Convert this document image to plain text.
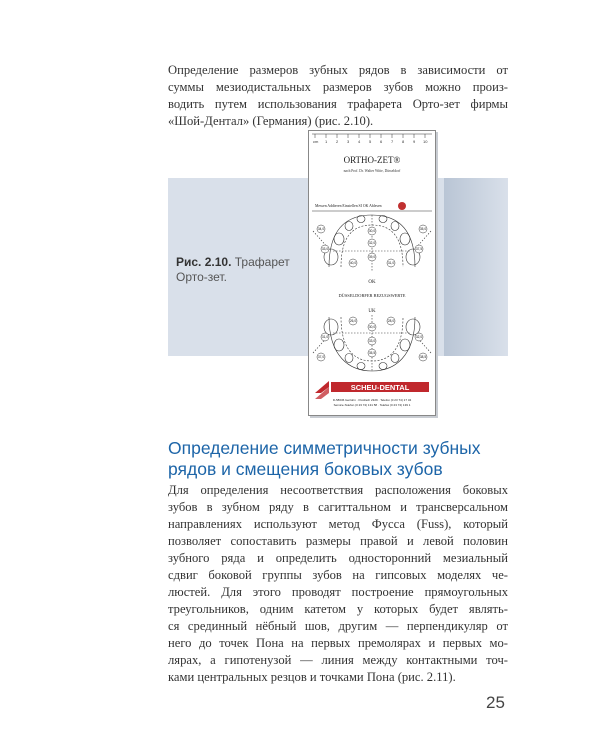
Определение размеров зубных рядов в зависимости от
суммы мезиодистальных размеров зубов можно произ-
водить путем использования трафарета Орто-зет фирмы
«Шой-Дентал» (Германия) (рис. 2.10).
Рис. 2.10. Трафарет
Орто-зет.
cm 1 2 3 4 5 6 7 8 9 10
ORTHO-ZET®
nach Prof. Dr. Walter Witte, Düsseldorf
Messen Addieren Einstellen SI OK Ablesen
34,0	35,0
30,0
32,0
33,0	37,5
39,0
40,0	31,0
OK
DÜSSELDORFER BEZUGSWERTE
UK
26,0	28,0
30,0
31,0	32,0
33,0
35,5
37,0	38,5
SCHEU-DENTAL
D-58636 Iserlohn · Postfach 2329 · Telefon (0 23 74) 17 34
Service-Telefon (0 23 74) 131 58 · Telefax (0 23 74) 139 1
Определение симметричности зубных
рядов и смещения боковых зубов
Для определения несоответствия расположения боковых
зубов в зубном ряду в сагиттальном и трансверсальном
направлениях используют метод Фусса (Fuss), который
позволяет сопоставить размеры правой и левой половин
зубного ряда и определить односторонний мезиальный
сдвиг боковой группы зубов на гипсовых моделях че-
люстей. Для этого проводят построение прямоугольных
треугольников, одним катетом у которых будет являть-
ся срединный нёбный шов, другим — перпендикуляр от
него до точек Пона на первых премолярах и первых мо-
лярах, а гипотенузой — линия между контактными точ-
ками центральных резцов и точками Пона (рис. 2.11).
25
